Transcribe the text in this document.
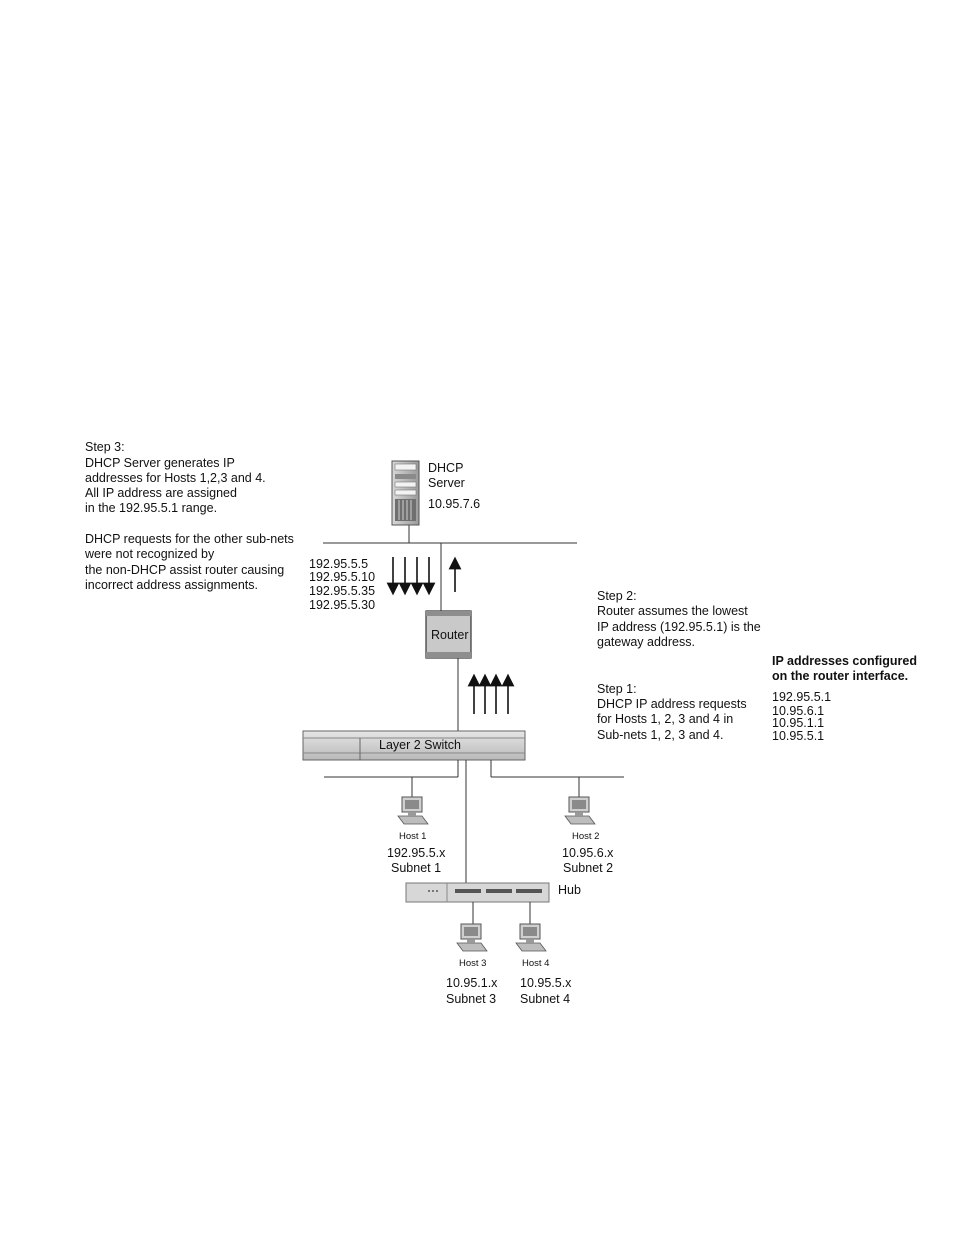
Step 3:
DHCP Server generates IP
addresses for Hosts 1,2,3 and 4.
All IP address are assigned
in the 192.95.5.1 range.
DHCP requests for the other sub-nets
were not recognized by
the non-DHCP assist router causing
incorrect address assignments.
DHCP
Server
10.95.7.6
192.95.5.5
192.95.5.10
192.95.5.35
192.95.5.30
Router
Step 2:
Router assumes the lowest
IP address (192.95.5.1) is the
gateway address.
IP addresses configured
on the router interface.
192.95.5.1
10.95.6.1
10.95.1.1
10.95.5.1
Step 1:
DHCP IP address requests
for Hosts 1, 2, 3 and 4 in
Sub-nets 1, 2, 3 and 4.
Layer 2 Switch
Hub
Host 1
192.95.5.x
Subnet 1
Host 2
10.95.6.x
Subnet 2
Host 3
10.95.1.x
Subnet 3
Host 4
10.95.5.x
Subnet 4
